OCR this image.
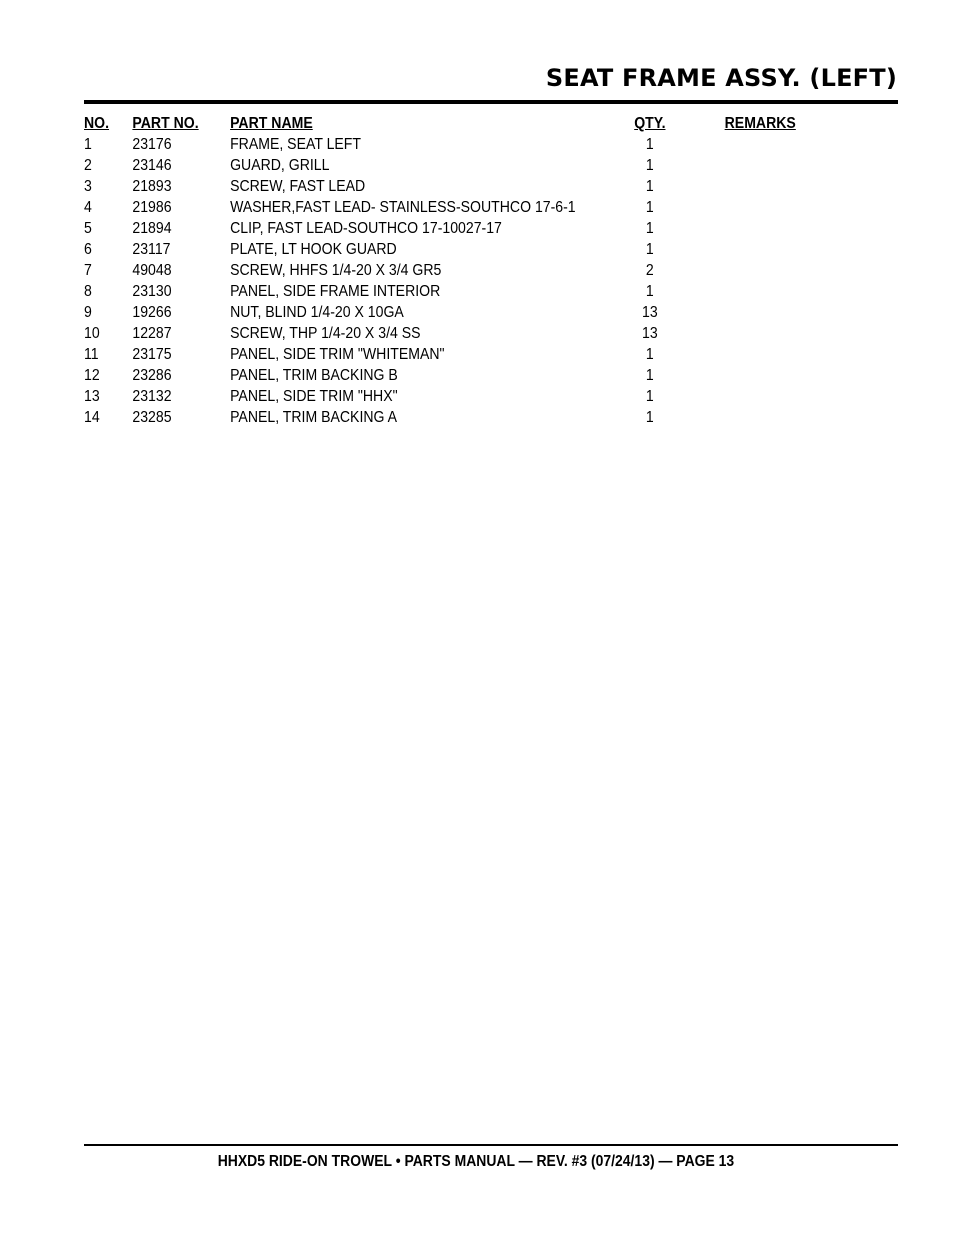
SEAT FRAME ASSY. (LEFT)
NO. PART NO. PART NAME	QTY.	REMARKS
1	23176	FRAME, SEAT LEFT	1
2	23146	GUARD, GRILL	1
3	21893	SCREW, FAST LEAD	1
4	21986	WASHER,FAST LEAD- STAINLESS-SOUTHCO 17-6-1	1
5	21894	CLIP, FAST LEAD-SOUTHCO 17-10027-17	1
6	23117	PLATE, LT HOOK GUARD	1
7	49048	SCREW, HHFS 1/4-20 X 3/4 GR5	2
8	23130	PANEL, SIDE FRAME INTERIOR	1
9	19266	NUT, BLIND 1/4-20 X 10GA	13
10 12287	SCREW, THP 1/4-20 X 3/4 SS	13
11 23175	PANEL, SIDE TRIM "WHITEMAN"	1
12 23286	PANEL, TRIM BACKING B	1
13 23132	PANEL, SIDE TRIM "HHX"	1
14 23285	PANEL, TRIM BACKING A	1
HHXD5 RIDE-ON TROWEL • PARTS MANUAL — REV. #3 (07/24/13) — PAGE 13
